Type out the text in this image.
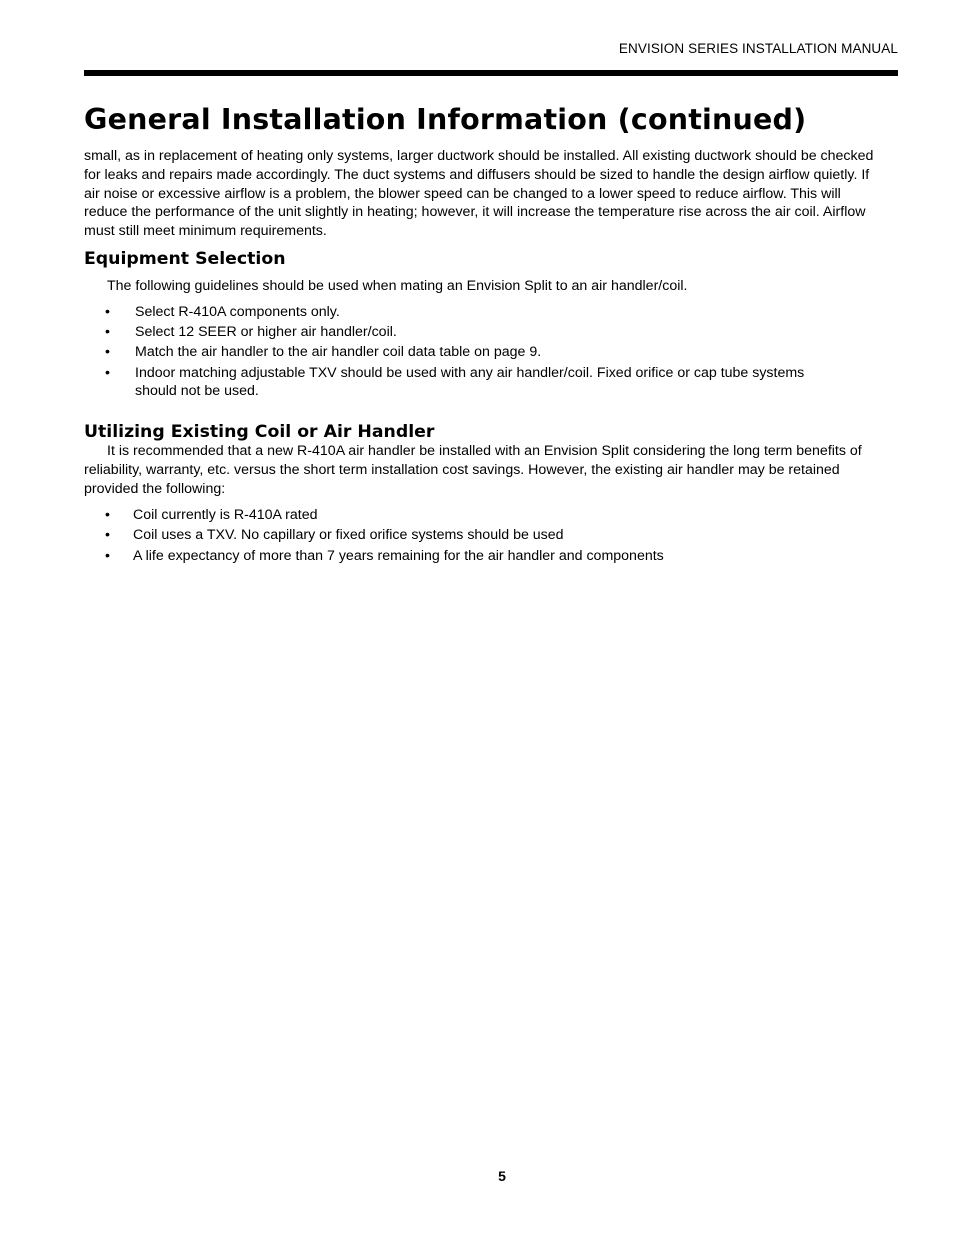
ENVISION SERIES INSTALLATION MANUAL
General Installation Information (continued)

small, as in replacement of heating only systems, larger ductwork should be installed. All existing ductwork should be checked for leaks and repairs made accordingly. The duct systems and diffusers should be sized to handle the design airflow quietly. If air noise or excessive airflow is a problem, the blower speed can be changed to a lower speed to reduce airflow. This will reduce the performance of the unit slightly in heating; however, it will increase the temperature rise across the air coil. Airflow must still meet minimum requirements.

Equipment Selection

The following guidelines should be used when mating an Envision Split to an air handler/coil.

• Select R-410A components only.
• Select 12 SEER or higher air handler/coil.
• Match the air handler to the air handler coil data table on page 9.
• Indoor matching adjustable TXV should be used with any air handler/coil. Fixed orifice or cap tube systems should not be used.
Utilizing Existing Coil or Air Handler

It is recommended that a new R-410A air handler be installed with an Envision Split considering the long term benefits of reliability, warranty, etc. versus the short term installation cost savings. However, the existing air handler may be retained provided the following:

• Coil currently is R-410A rated
• Coil uses a TXV. No capillary or fixed orifice systems should be used
• A life expectancy of more than 7 years remaining for the air handler and components
5
